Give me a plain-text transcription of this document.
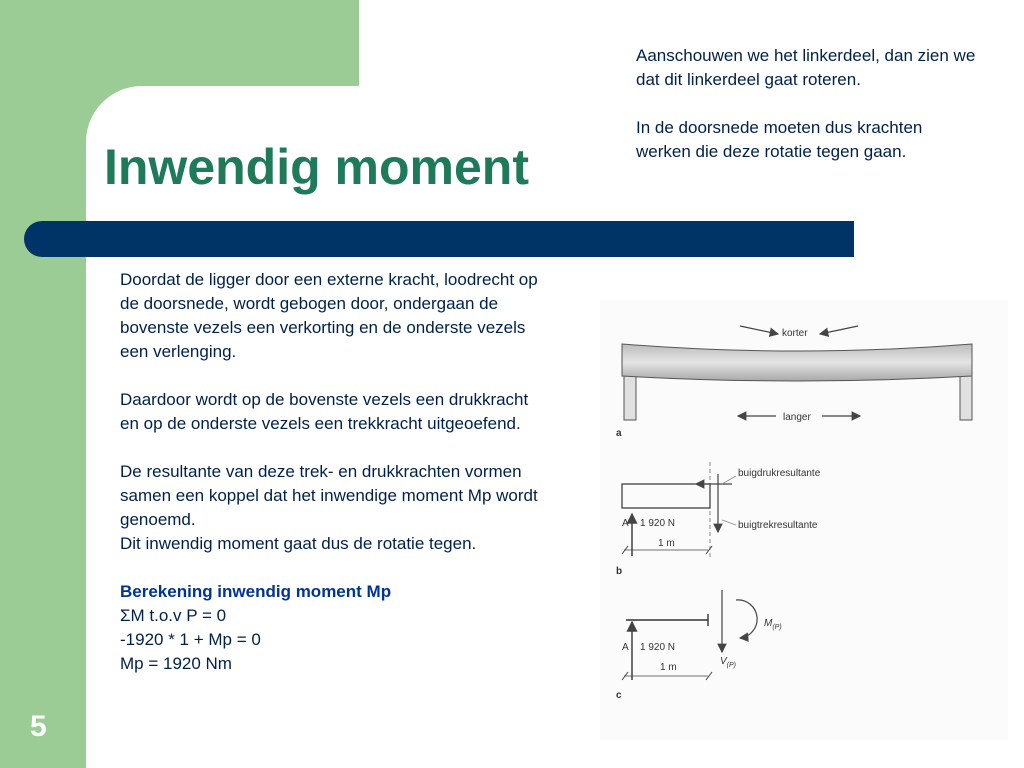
Inwendig moment
5

Aanschouwen we het linkerdeel, dan zien we dat dit linkerdeel gaat roteren.

In de doorsnede moeten dus krachten werken die deze rotatie tegen gaan.

Doordat de ligger door een externe kracht, loodrecht op de doorsnede, wordt gebogen door, ondergaan de bovenste vezels een verkorting en de onderste vezels een verlenging.

Daardoor wordt op de bovenste vezels een drukkracht en op de onderste vezels een trekkracht uitgeoefend.

De resultante van deze trek- en drukkrachten vormen samen een koppel dat het inwendige moment Mp wordt genoemd.

Dit inwendig moment gaat dus de rotatie tegen.

Berekening inwendig moment Mp
ΣM t.o.v P = 0
-1920 * 1 + Mp = 0
Mp = 1920 Nm
korter
langer
a
buigdrukresultante
buigtrekresultante
A 1 920 N
1 m
b
A 1 920 N
$M_{(P)}$
$V_{(P)}$
1 m
c
